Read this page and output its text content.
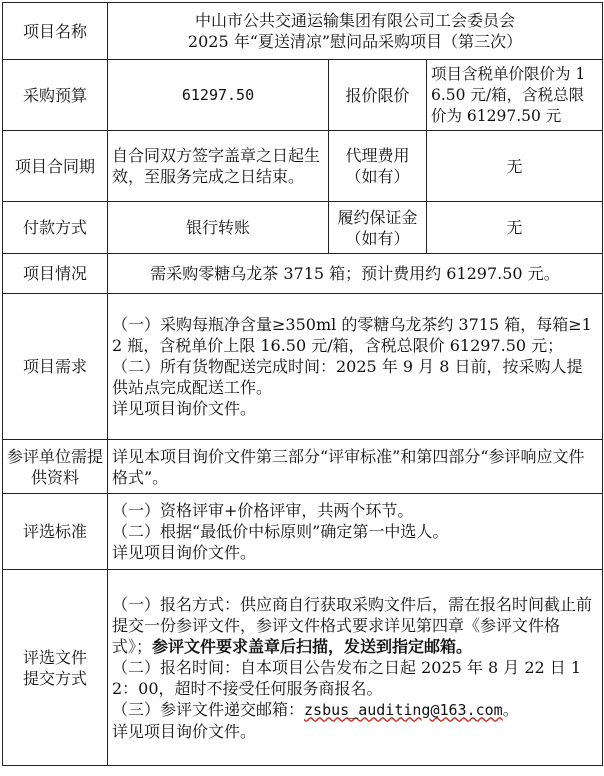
项目名称	中山市公共交通运输集团有限公司工会委员会
2025 年“夏送清凉”慰问品采购项目（第三次）		

采购预算	61297.50	报价限价	项目含税单价限价为 16.50 元/箱，含税总限价为 61297.50 元
项目合同期	自合同双方签字盖章之日起生效，至服务完成之日结束。	代理费用
（如有）	无
付款方式	银行转账	履约保证金
（如有）	无
项目情况	需采购零糖乌龙茶 3715 箱；预计费用约 61297.50 元。		
项目需求	（一）采购每瓶净含量≥350ml 的零糖乌龙茶约 3715 箱，每箱≥12 瓶，含税单价上限 16.50 元/箱，含税总限价 61297.50 元；
（二）所有货物配送完成时间：2025 年 9 月 8 日前，按采购人提供站点完成配送工作。
详见项目询价文件。		

参评单位需提供资料	详见本项目询价文件第三部分“评审标准”和第四部分“参评响应文件格式”。		
评选标准	（一）资格评审+价格评审，共两个环节。
（二）根据“最低价中标原则”确定第一中选人。
详见项目询价文件。		

评选文件
提交方式	（一）报名方式：供应商自行获取采购文件后，需在报名时间截止前提交一份参评文件，参评文件格式要求详见第四章《参评文件格式》；参评文件要求盖章后扫描，发送到指定邮箱。
（二）报名时间：自本项目公告发布之日起 2025 年 8 月 22 日 12：00，超时不接受任何服务商报名。
（三）参评文件递交邮箱：zsbus_auditing@163.com。
详见项目询价文件。		
